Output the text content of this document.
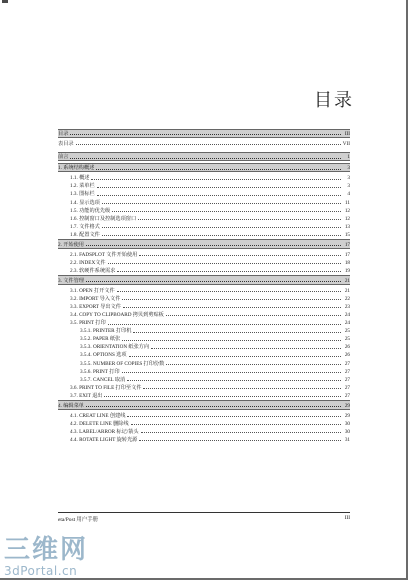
目录
目录	III
表目录	VII
前言	1
1. 系统结构概述	3
1.1. 概述	3
1.2. 菜单栏	3
1.3. 图标栏	4
1.4. 显示选项	11
1.5. 功能的优先级	12
1.6. 控制窗口及控制选项窗口	12
1.7. 文件格式	13
1.8. 配置文件	15
2. 开始使用	17
2.1. FADSPLOT 文件开始使用	17
2.2. INDEX文件	18
2.3. 软硬件系统需求	19
3. 文件管理	21
3.1. OPEN 打开文件	21
3.2. IMPORT 导入文件	22
3.3. EXPORT 导出文件	23
3.4. COPY TO CLIPBOARD 拷贝到剪贴板	24
3.5. PRINT 打印	24
3.5.1. PRINTER 打印机	25
3.5.2. PAPER 纸张	25
3.5.3. ORIENTATION 纸张方向	26
3.5.4. OPTIONS 选项	26
3.5.5. NUMBER OF COPIES 打印份数	27
3.5.6. PRINT 打印	27
3.5.7. CANCEL 取消	27
3.6. PRINT TO FILE 打印至文件	27
3.7. EXIT 退出	27
4. 编辑菜单	29
4.1. CREAT LINE 创建线	29
4.2. DELETE LINE 删除线	30
4.3. LABEL/ARROR 标记/箭头	30
4.4. ROTATE LIGHT 旋转光源	31
eta/Post 用户手册	III
三维网
3dPortal.cn
